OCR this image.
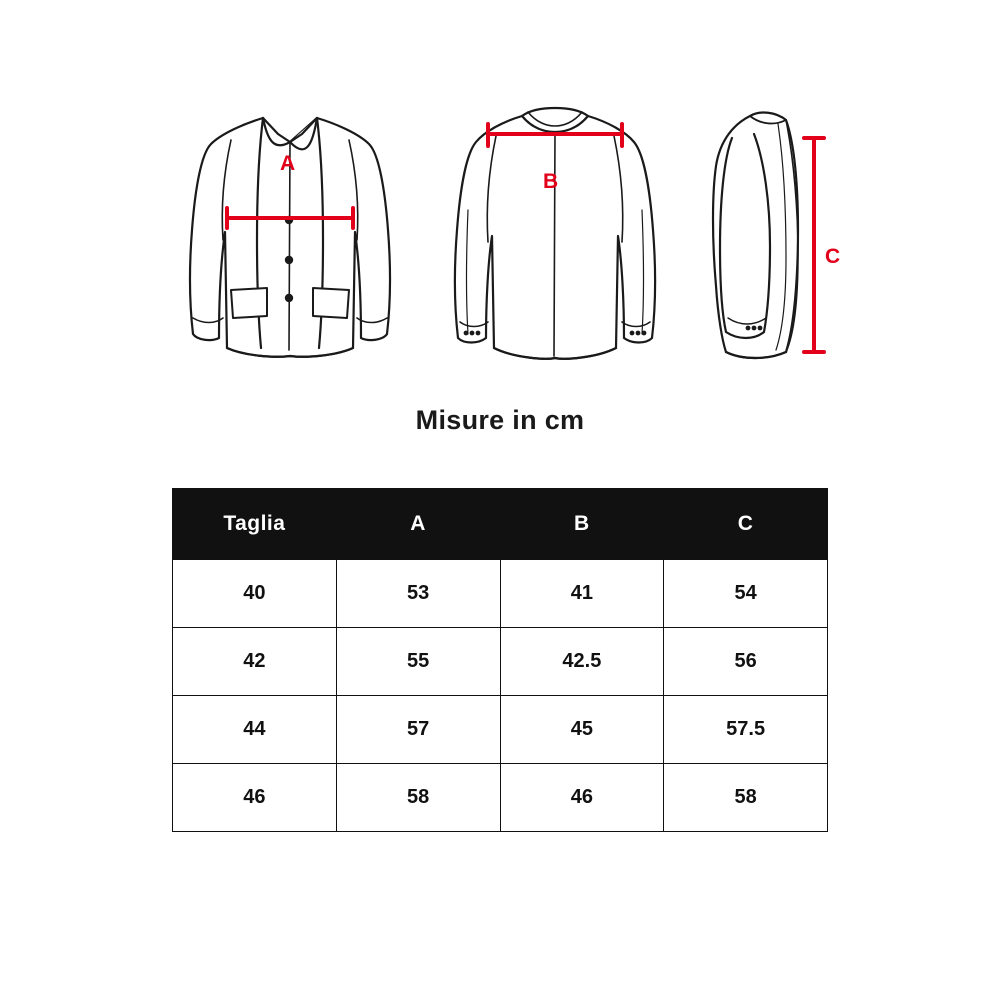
A
B
C
Misure in cm
Taglia	A	B	C
40	53	41	54
42	55	42.5	56
44	57	45	57.5
46	58	46	58
